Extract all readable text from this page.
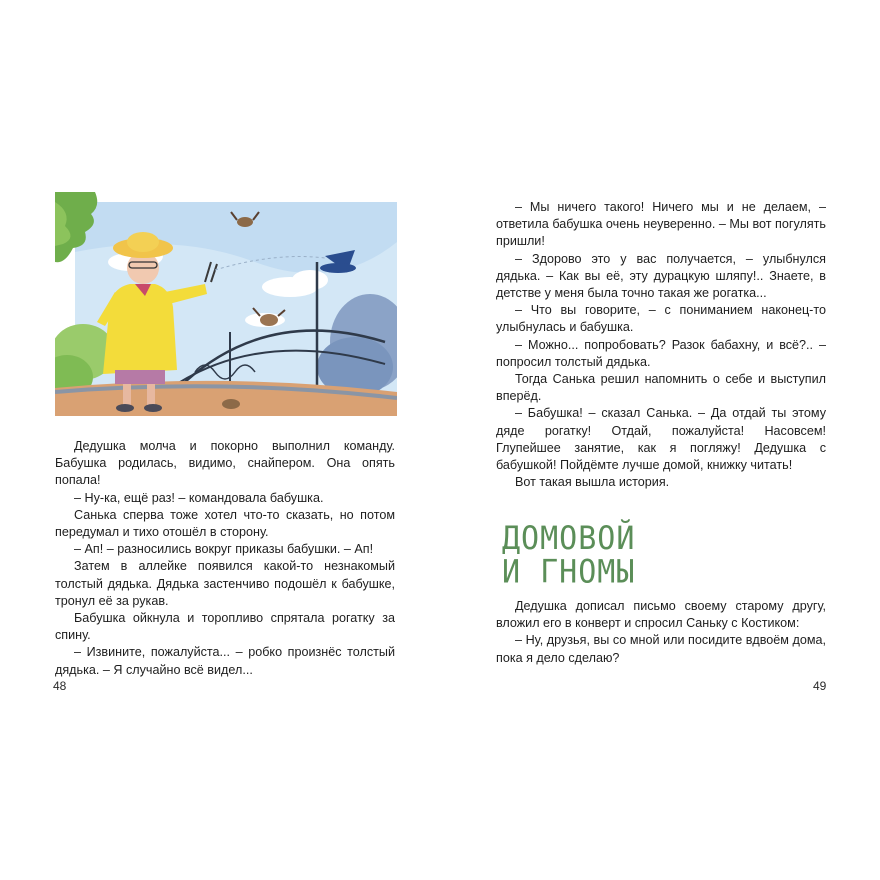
Дедушка молча и покорно выполнил команду. Бабушка родилась, видимо, снайпером. Она опять попала!

– Ну-ка, ещё раз! – командовала бабушка.

Санька сперва тоже хотел что-то сказать, но потом передумал и тихо отошёл в сторону.

– Ап! – разносились вокруг приказы бабушки. – Ап!

Затем в аллейке появился какой-то незнакомый толстый дядька. Дядька застенчиво подошёл к бабушке, тронул её за рукав.

Бабушка ойкнула и торопливо спрятала рогатку за спину.

– Извините, пожалуйста... – робко произнёс толстый дядька. – Я случайно всё видел...

48

– Мы ничего такого! Ничего мы и не делаем, – ответила бабушка очень неуверенно. – Мы вот погулять пришли!

– Здорово это у вас получается, – улыбнулся дядька. – Как вы её, эту дурацкую шляпу!.. Знаете, в детстве у меня была точно такая же рогатка...

– Что вы говорите, – с пониманием наконец-то улыбнулась и бабушка.

– Можно... попробовать? Разок бабахну, и всё?.. – попросил толстый дядька.

Тогда Санька решил напомнить о себе и выступил вперёд.

– Бабушка! – сказал Санька. – Да отдай ты этому дяде рогатку! Отдай, пожалуйста! Насовсем! Глупейшее занятие, как я погляжу! Дедушка с бабушкой! Пойдёмте лучше домой, книжку читать!

Вот такая вышла история.

ДОМОВОЙ
И ГНОМЫ

Дедушка дописал письмо своему старому другу, вложил его в конверт и спросил Саньку с Костиком:

– Ну, друзья, вы со мной или посидите вдвоём дома, пока я дело сделаю?

49
